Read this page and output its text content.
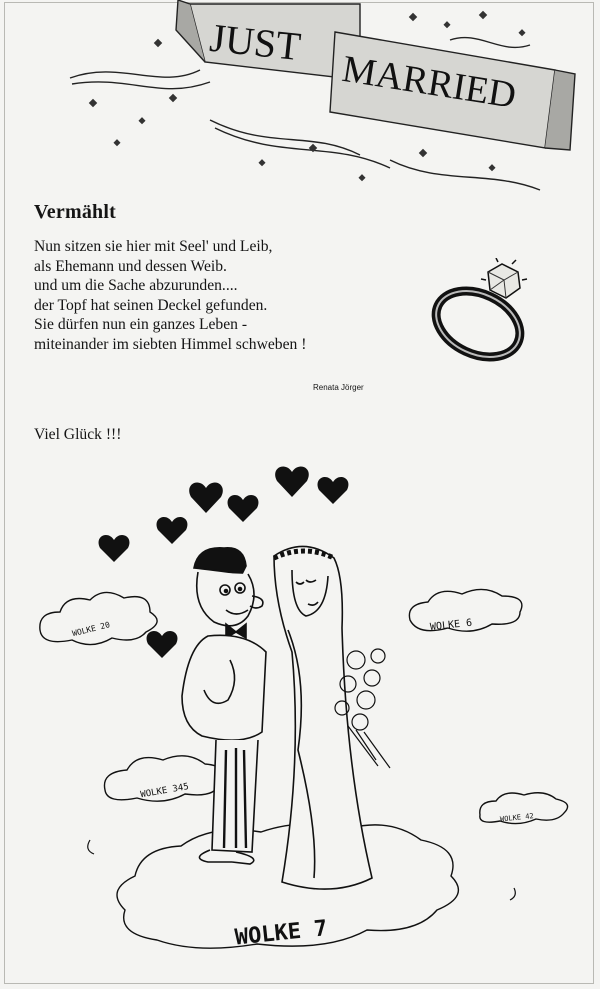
JUST
MARRIED
Vermählt
Nun sitzen sie hier mit Seel' und Leib,
als Ehemann und dessen Weib.
und um die Sache abzurunden....
der Topf hat seinen Deckel gefunden.
Sie dürfen nun ein ganzes Leben -
miteinander im siebten Himmel schweben !
Renata Jörger
Viel Glück !!!
WOLKE 20	WOLKE 6
WOLKE 345
WOLKE 42
WOLKE 7
